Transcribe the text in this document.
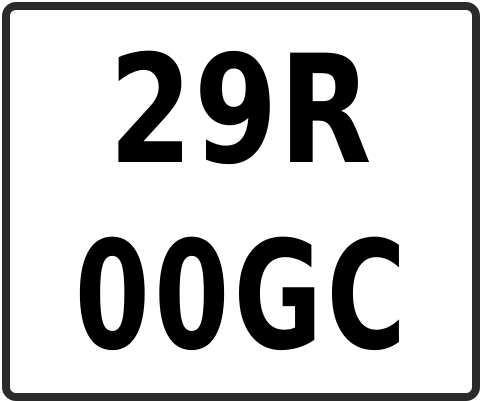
29R
00GC
